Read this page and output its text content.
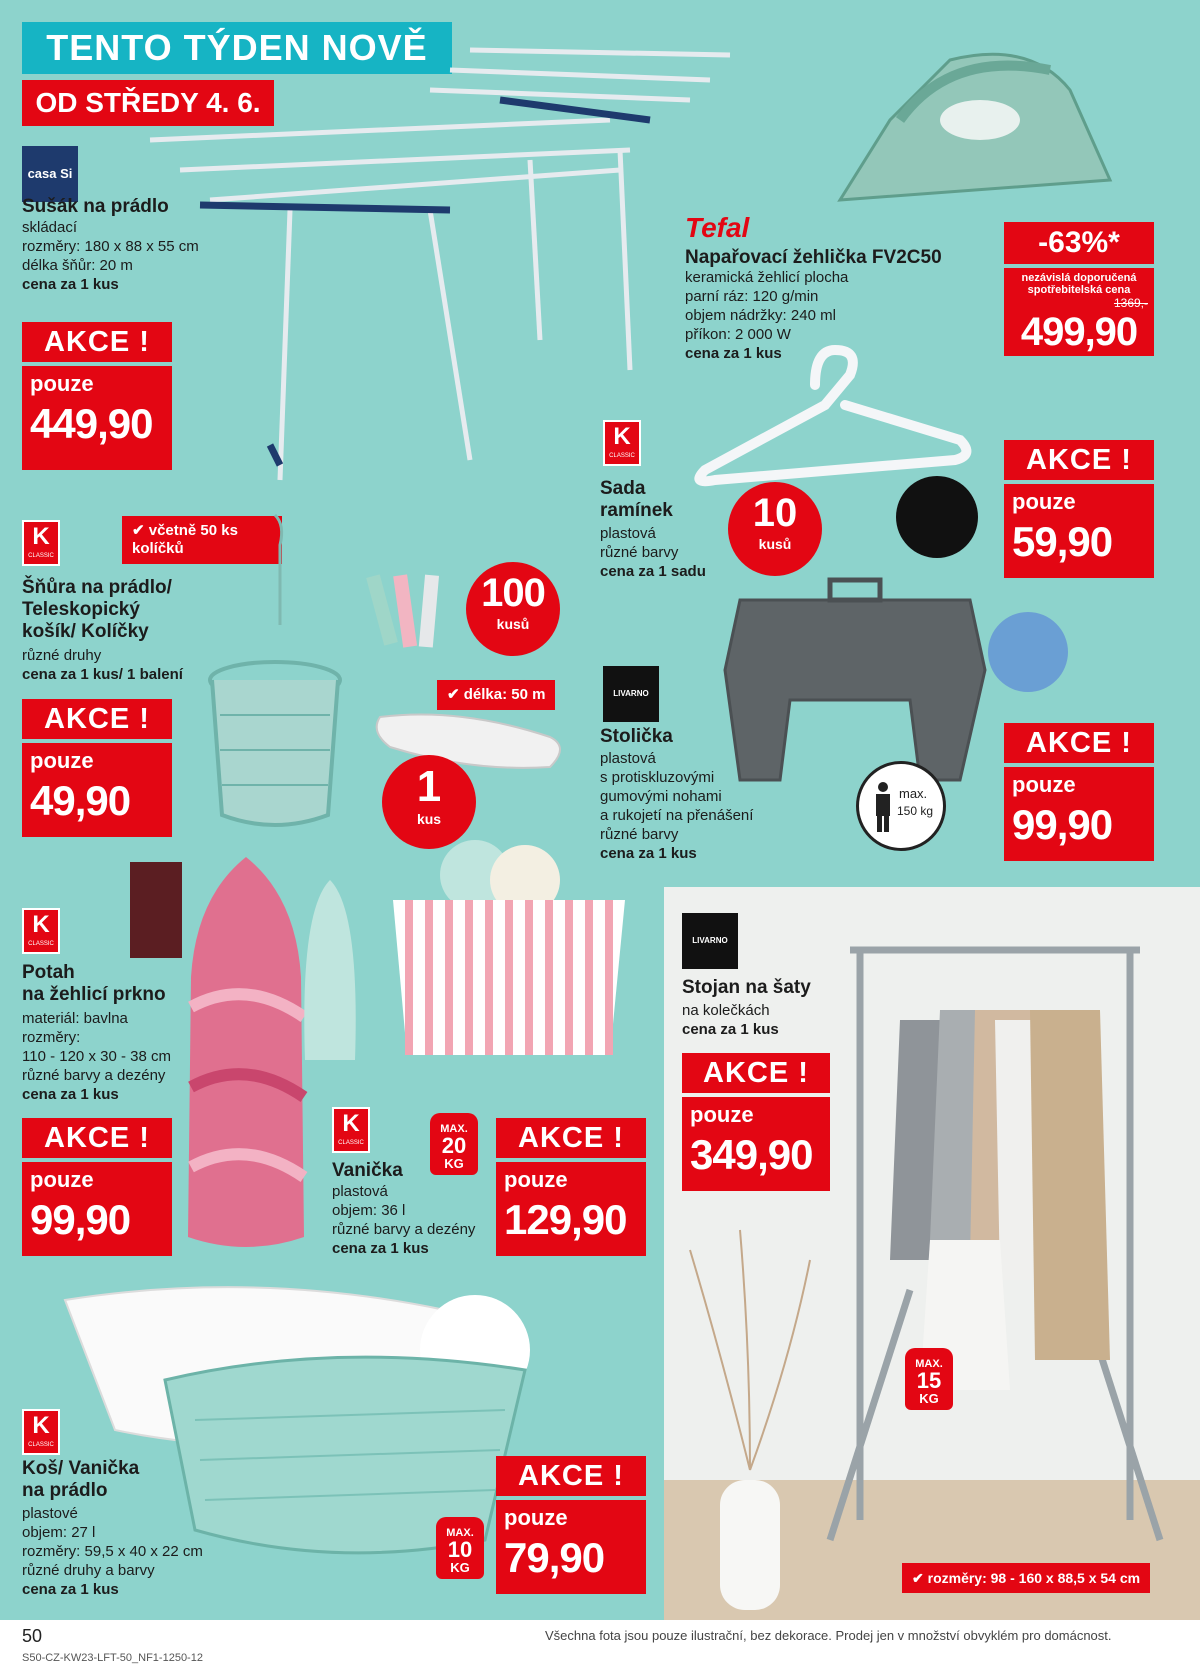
TENTO TÝDEN NOVĚ
OD STŘEDY 4. 6.
casa Si
Sušák na prádlo
skládací
rozměry: 180 x 88 x 55 cm
délka šňůr: 20 m
cena za 1 kus
AKCE !
pouze
449,90
Tefal
Napařovací žehlička FV2C50
keramická žehlicí plocha
parní ráz: 120 g/min
objem nádržky: 240 ml
příkon: 2 000 W
cena za 1 kus
-63%*
nezávislá doporučená spotřebitelská cena
1369,-
499,90
K
CLASSIC
Sada
ramínek
plastová
různé barvy
cena za 1 sadu
10
kusů
AKCE !
pouze
59,90
K
CLASSIC
✔ včetně 50 ks
kolíčků
Šňůra na prádlo/
Teleskopický
košík/ Kolíčky
různé druhy
cena za 1 kus/ 1 balení
100
kusů
✔ délka: 50 m
1
kus
AKCE !
pouze
49,90
LIVARNO
Stolička
plastová
s protiskluzovými
gumovými nohami
a rukojetí na přenášení
různé barvy
cena za 1 kus
max.
150 kg
AKCE !
pouze
99,90
K
CLASSIC
Potah
na žehlicí prkno
materiál: bavlna
rozměry:
110 - 120 x 30 - 38 cm
různé barvy a dezény
cena za 1 kus
AKCE !
pouze
99,90
K
CLASSIC
MAX.
20
KG
Vanička
plastová
objem: 36 l
různé barvy a dezény
cena za 1 kus
AKCE !
pouze
129,90
LIVARNO
Stojan na šaty
na kolečkách
cena za 1 kus
MAX.
15
KG
AKCE !
pouze
349,90
✔ rozměry: 98 - 160 x 88,5 x 54 cm
K
CLASSIC
Koš/ Vanička
na prádlo
plastové
objem: 27 l
rozměry: 59,5 x 40 x 22 cm
různé druhy a barvy
cena za 1 kus
MAX.
10
KG
AKCE !
pouze
79,90
50
S50-CZ-KW23-LFT-50_NF1-1250-12
Všechna fota jsou pouze ilustrační, bez dekorace. Prodej jen v množství obvyklém pro domácnost.
